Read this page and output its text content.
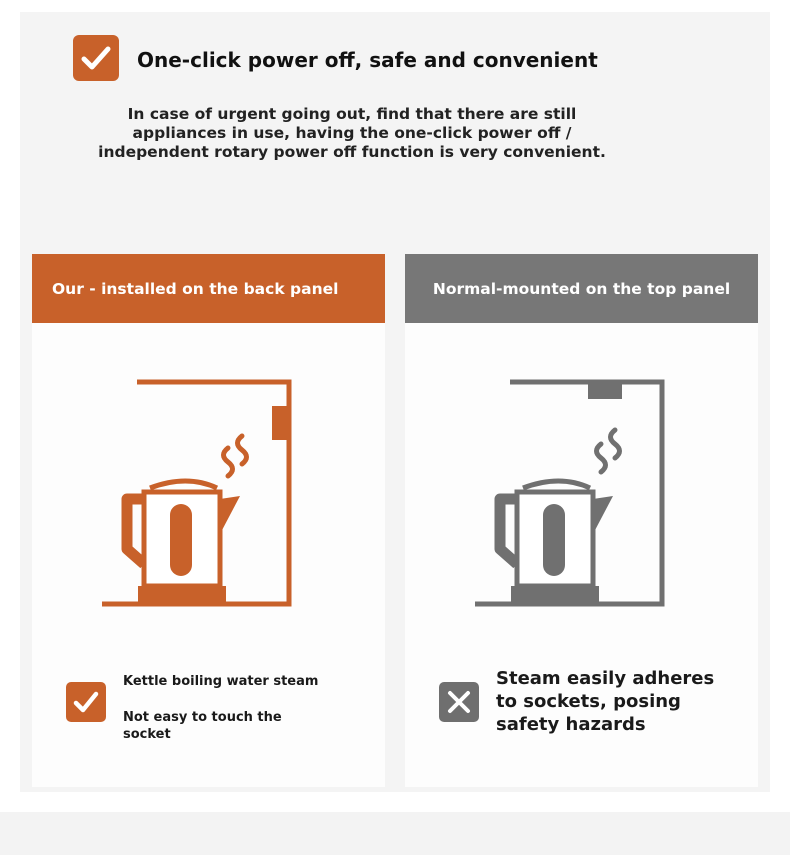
One-click power off, safe and convenient
In case of urgent going out, find that there are still appliances in use, having the one-click power off / independent rotary power off function is very convenient.
Our - installed on the back panel
Kettle boiling water steam
Not easy to touch the
socket
Normal-mounted on the top panel
Steam easily adheres
to sockets, posing
safety hazards
